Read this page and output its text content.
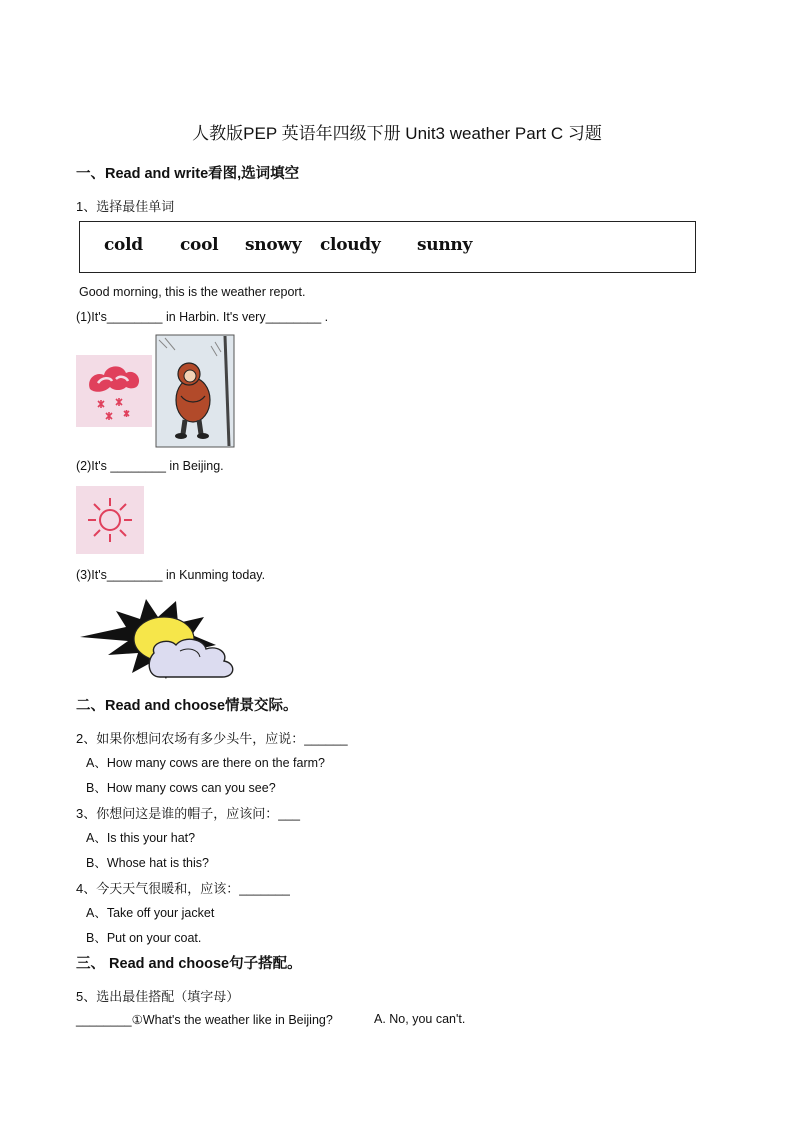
人教版PEP 英语年四级下册 Unit3 weather Part C 习题
一、Read and write看图,选词填空
1、选择最佳单词
cold cool snowy cloudy sunny
Good morning, this is the weather report.
(1)It's________ in Harbin. It's very________ .
(2)It's ________ in Beijing.
(3)It's________ in Kunming today.
二、Read and choose情景交际。
2、如果你想问农场有多少头牛，应说：______
A、How many cows are there on the farm?
B、How many cows can you see?
3、你想问这是谁的帽子，应该问：___
A、Is this your hat?
B、Whose hat is this?
4、今天天气很暖和，应该：_______
A、Take off your jacket
B、Put on your coat.
三、 Read and choose句子搭配。
5、选出最佳搭配（填字母）
________①What's the weather like in Beijing?	A. No, you can't.
